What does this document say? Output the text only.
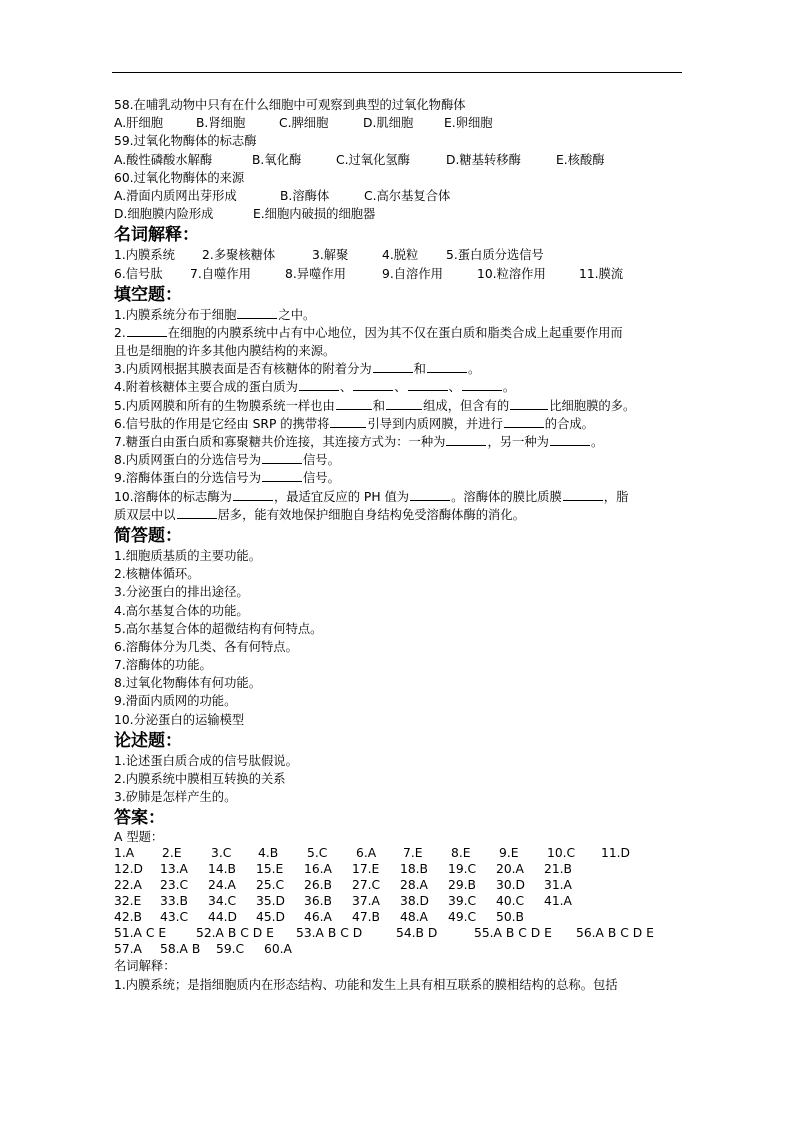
58.在哺乳动物中只有在什么细胞中可观察到典型的过氧化物酶体
A.肝细胞	B.肾细胞	C.脾细胞	D.肌细胞 E.卵细胞
59.过氧化物酶体的标志酶
A.酸性磷酸水解酶	B.氧化酶	C.过氧化氢酶	D.糖基转移酶	E.核酸酶
60.过氧化物酶体的来源
A.滑面内质网出芽形成	B.溶酶体	C.高尔基复合体
D.细胞膜内险形成	E.细胞内破损的细胞器
名词解释：
1.内膜系统 2.多聚核糖体	3.解聚	4.脱粒 5.蛋白质分选信号
6.信号肽 7.自噬作用	8.异噬作用	9.自溶作用	10.粒溶作用	11.膜流
填空题：
1.内膜系统分布于细胞	之中。
2.	在细胞的内膜系统中占有中心地位，因为其不仅在蛋白质和脂类合成上起重要作用而
且也是细胞的许多其他内膜结构的来源。
3.内质网根据其膜表面是否有核糖体的附着分为	和	。
4.附着核糖体主要合成的蛋白质为	、	、	、	。
5.内质网膜和所有的生物膜系统一样也由	和	组成，但含有的	比细胞膜的多。
6.信号肽的作用是它经由 SRP 的携带将	引导到内质网膜，并进行	的合成。
7.糖蛋白由蛋白质和寡聚糖共价连接，其连接方式为：一种为	，另一种为	。
8.内质网蛋白的分选信号为	信号。
9.溶酶体蛋白的分选信号为	信号。
10.溶酶体的标志酶为	，最适宜反应的 PH 值为	。溶酶体的膜比质膜	，脂
质双层中以	居多，能有效地保护细胞自身结构免受溶酶体酶的消化。
简答题：
1.细胞质基质的主要功能。
2.核糖体循环。
3.分泌蛋白的排出途径。
4.高尔基复合体的功能。
5.高尔基复合体的超微结构有何特点。
6.溶酶体分为几类、各有何特点。
7.溶酶体的功能。
8.过氧化物酶体有何功能。
9.滑面内质网的功能。
10.分泌蛋白的运输模型
论述题：
1.论述蛋白质合成的信号肽假说。
2.内膜系统中膜相互转换的关系
3.矽肺是怎样产生的。
答案：
A 型题：
1.A 2.E 3.C 4.B 5.C 6.A 7.E 8.E 9.E 10.C 11.D
12.D 13.A 14.B 15.E 16.A 17.E 18.B 19.C 20.A 21.B
22.A 23.C 24.A 25.C 26.B 27.C 28.A 29.B 30.D 31.A
32.E 33.B 34.C 35.D 36.B 37.A 38.D 39.C 40.C 41.A
42.B 43.C 44.D 45.D 46.A 47.B 48.A 49.C 50.B
51.A C E 52.A B C D E 53.A B C D	54.B D	55.A B C D E 56.A B C D E
57.A 58.A B 59.C 60.A
名词解释：
1.内膜系统；是指细胞质内在形态结构、功能和发生上具有相互联系的膜相结构的总称。包括
